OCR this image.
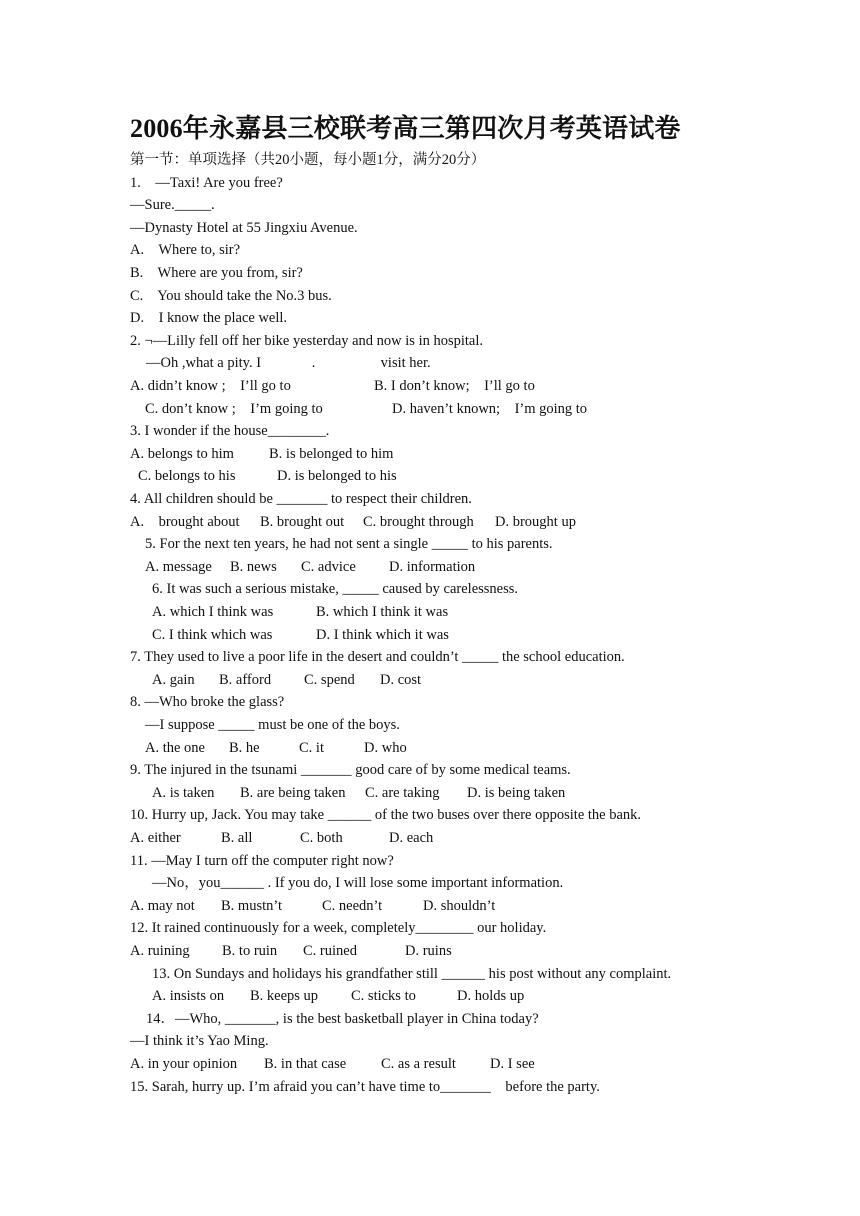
2006年永嘉县三校联考高三第四次月考英语试卷
第一节：单项选择（共20小题，每小题1分，满分20分）
1.    —Taxi! Are you free?
—Sure._____.
—Dynasty Hotel at 55 Jingxiu Avenue.
A.    Where to, sir?
B.    Where are you from, sir?
C.    You should take the No.3 bus.
D.    I know the place well.
2. ¬—Lilly fell off her bike yesterday and now is in hospital.
—Oh ,what a pity. I              .                  visit her.
A. didn’t know ;    I’ll go to	B. I don’t know;    I’ll go to
C. don’t know ;    I’m going to	D. haven’t known;    I’m going to
3. I wonder if the house________.
A. belongs to him B. is belonged to him
C. belongs to his	D. is belonged to his
4. All children should be _______ to respect their children.
A.    brought about B. brought out C. brought through D. brought up
5. For the next ten years, he had not sent a single _____ to his parents.
A. message B. news C. advice D. information
6. It was such a serious mistake, _____ caused by carelessness.
A. which I think was	B. which I think it was
C. I think which was	D. I think which it was
7. They used to live a poor life in the desert and couldn’t _____ the school education.
A. gain B. afford C. spend D. cost
8. —Who broke the glass?
—I suppose _____ must be one of the boys.
A. the one B. he	C. it	D. who
9. The injured in the tsunami _______ good care of by some medical teams.
A. is taken B. are being taken C. are taking D. is being taken
10. Hurry up, Jack. You may take ______ of the two buses over there opposite the bank.
A. either	B. all	C. both	D. each
11. —May I turn off the computer right now?
—No，you______ . If you do, I will lose some important information.
A. may not B. mustn’t	C. needn’t	D. shouldn’t
12. It rained continuously for a week, completely________ our holiday.
A. ruining B. to ruin C. ruined	D. ruins
13. On Sundays and holidays his grandfather still ______ his post without any complaint.
A. insists on B. keeps up C. sticks to	D. holds up
14．—Who, _______, is the best basketball player in China today?
—I think it’s Yao Ming.
A. in your opinion B. in that case C. as a result D. I see
15. Sarah, hurry up. I’m afraid you can’t have time to_______    before the party.
